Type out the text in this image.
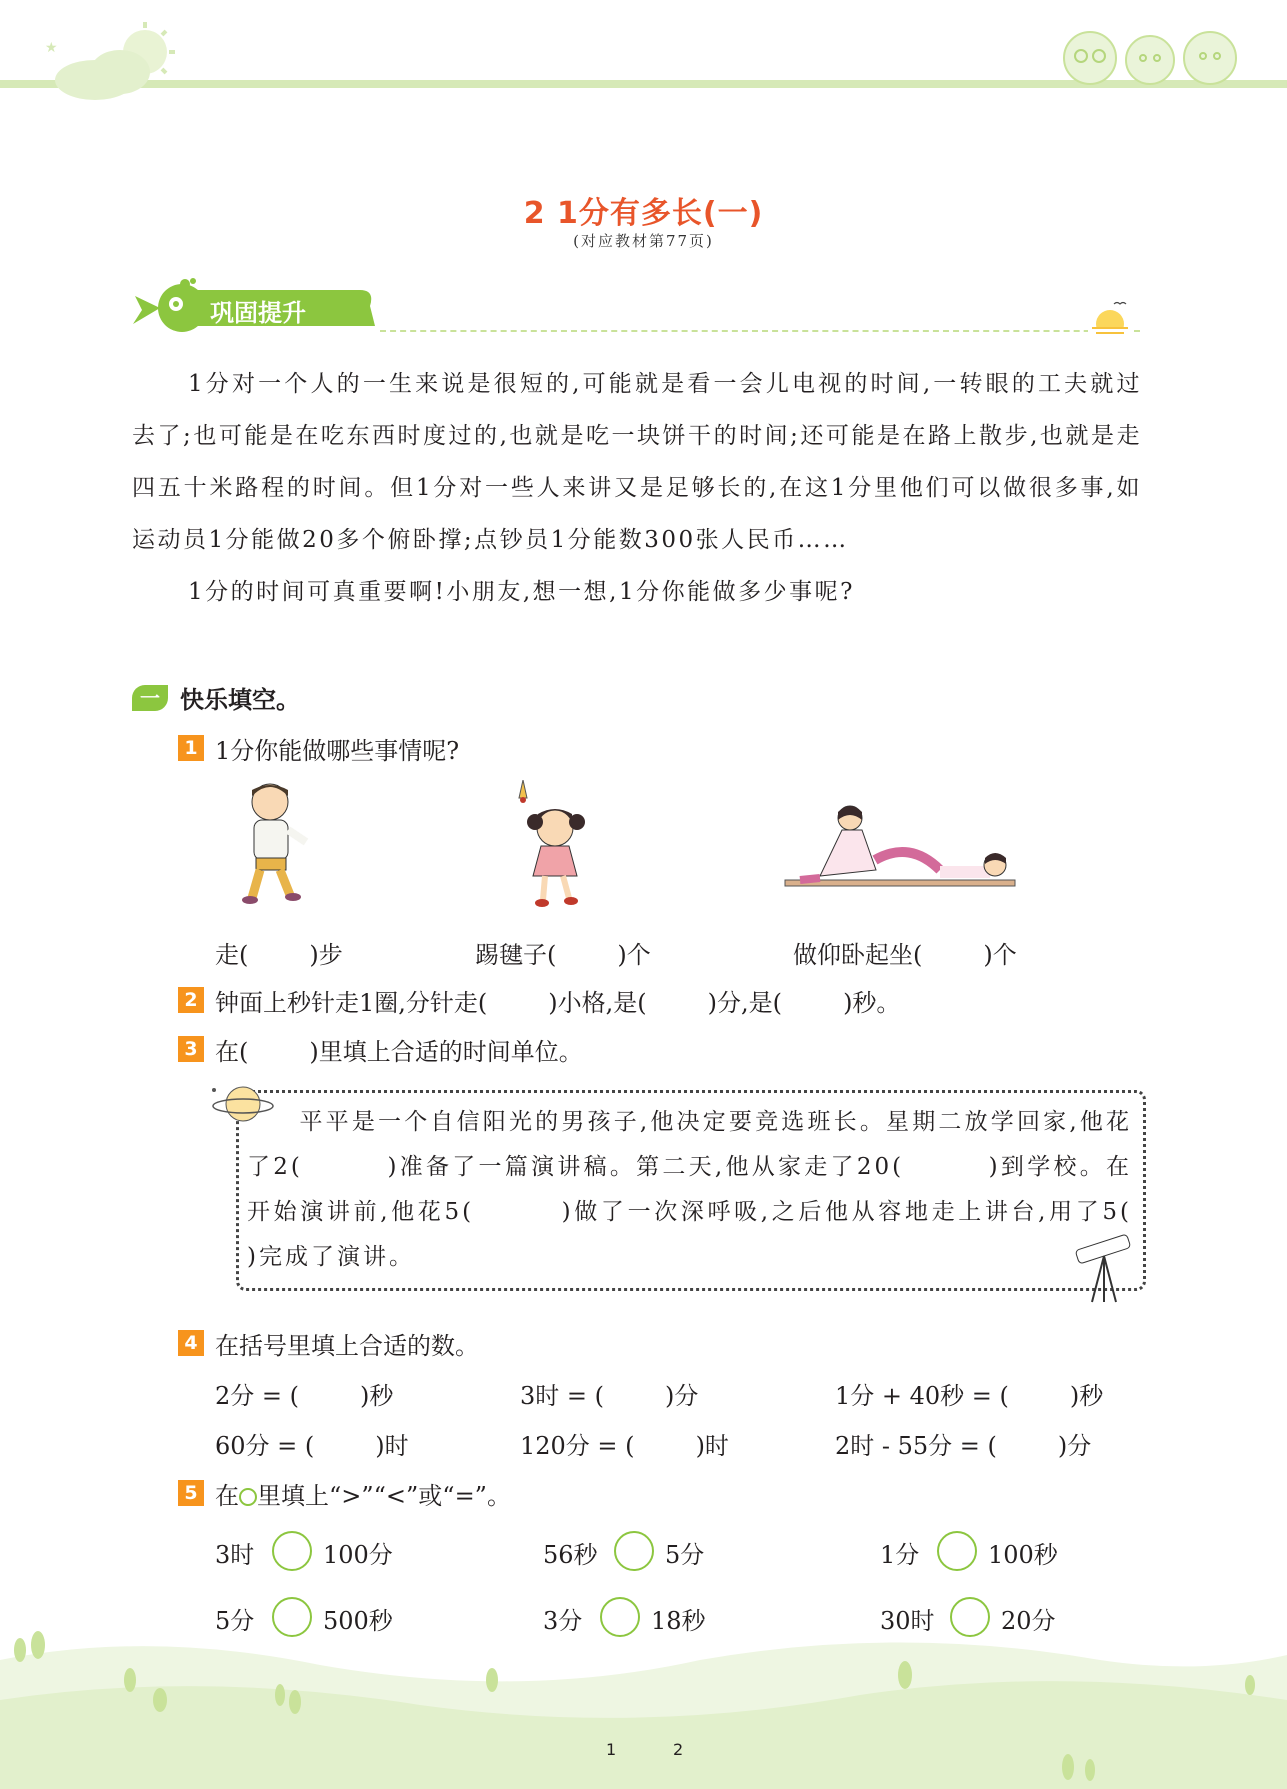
★
2 1分有多长(一)
(对应教材第77页)
巩固提升

1分对一个人的一生来说是很短的,可能就是看一会儿电视的时间,一转眼的工夫就过去了;也可能是在吃东西时度过的,也就是吃一块饼干的时间;还可能是在路上散步,也就是走四五十米路程的时间。但1分对一些人来讲又是足够长的,在这1分里他们可以做很多事,如运动员1分能做20多个俯卧撑;点钞员1分能数300张人民币……

1分的时间可真重要啊!小朋友,想一想,1分你能做多少事呢?

一 快乐填空。
1 1分你能做哪些事情呢?
走(        )步	踢毽子(        )个	做仰卧起坐(        )个
2 钟面上秒针走1圈,分针走(        )小格,是(        )分,是(        )秒。
3 在(        )里填上合适的时间单位。
平平是一个自信阳光的男孩子,他决定要竞选班长。星期二放学回家,他花了2(        )准备了一篇演讲稿。第二天,他从家走了20(        )到学校。在开始演讲前,他花5(        )做了一次深呼吸,之后他从容地走上讲台,用了5(        )完成了演讲。
4 在括号里填上合适的数。
2分 = (        )秒	3时 = (        )分	1分 + 40秒 = (        )秒
60分 = (        )时	120分 = (        )时	2时 - 55分 = (        )分
5 在 里填上“>”“<”或“=”。
3时	100分	56秒	5分	1分	100秒
5分	500秒	3分	18秒	30时	20分
1	2
